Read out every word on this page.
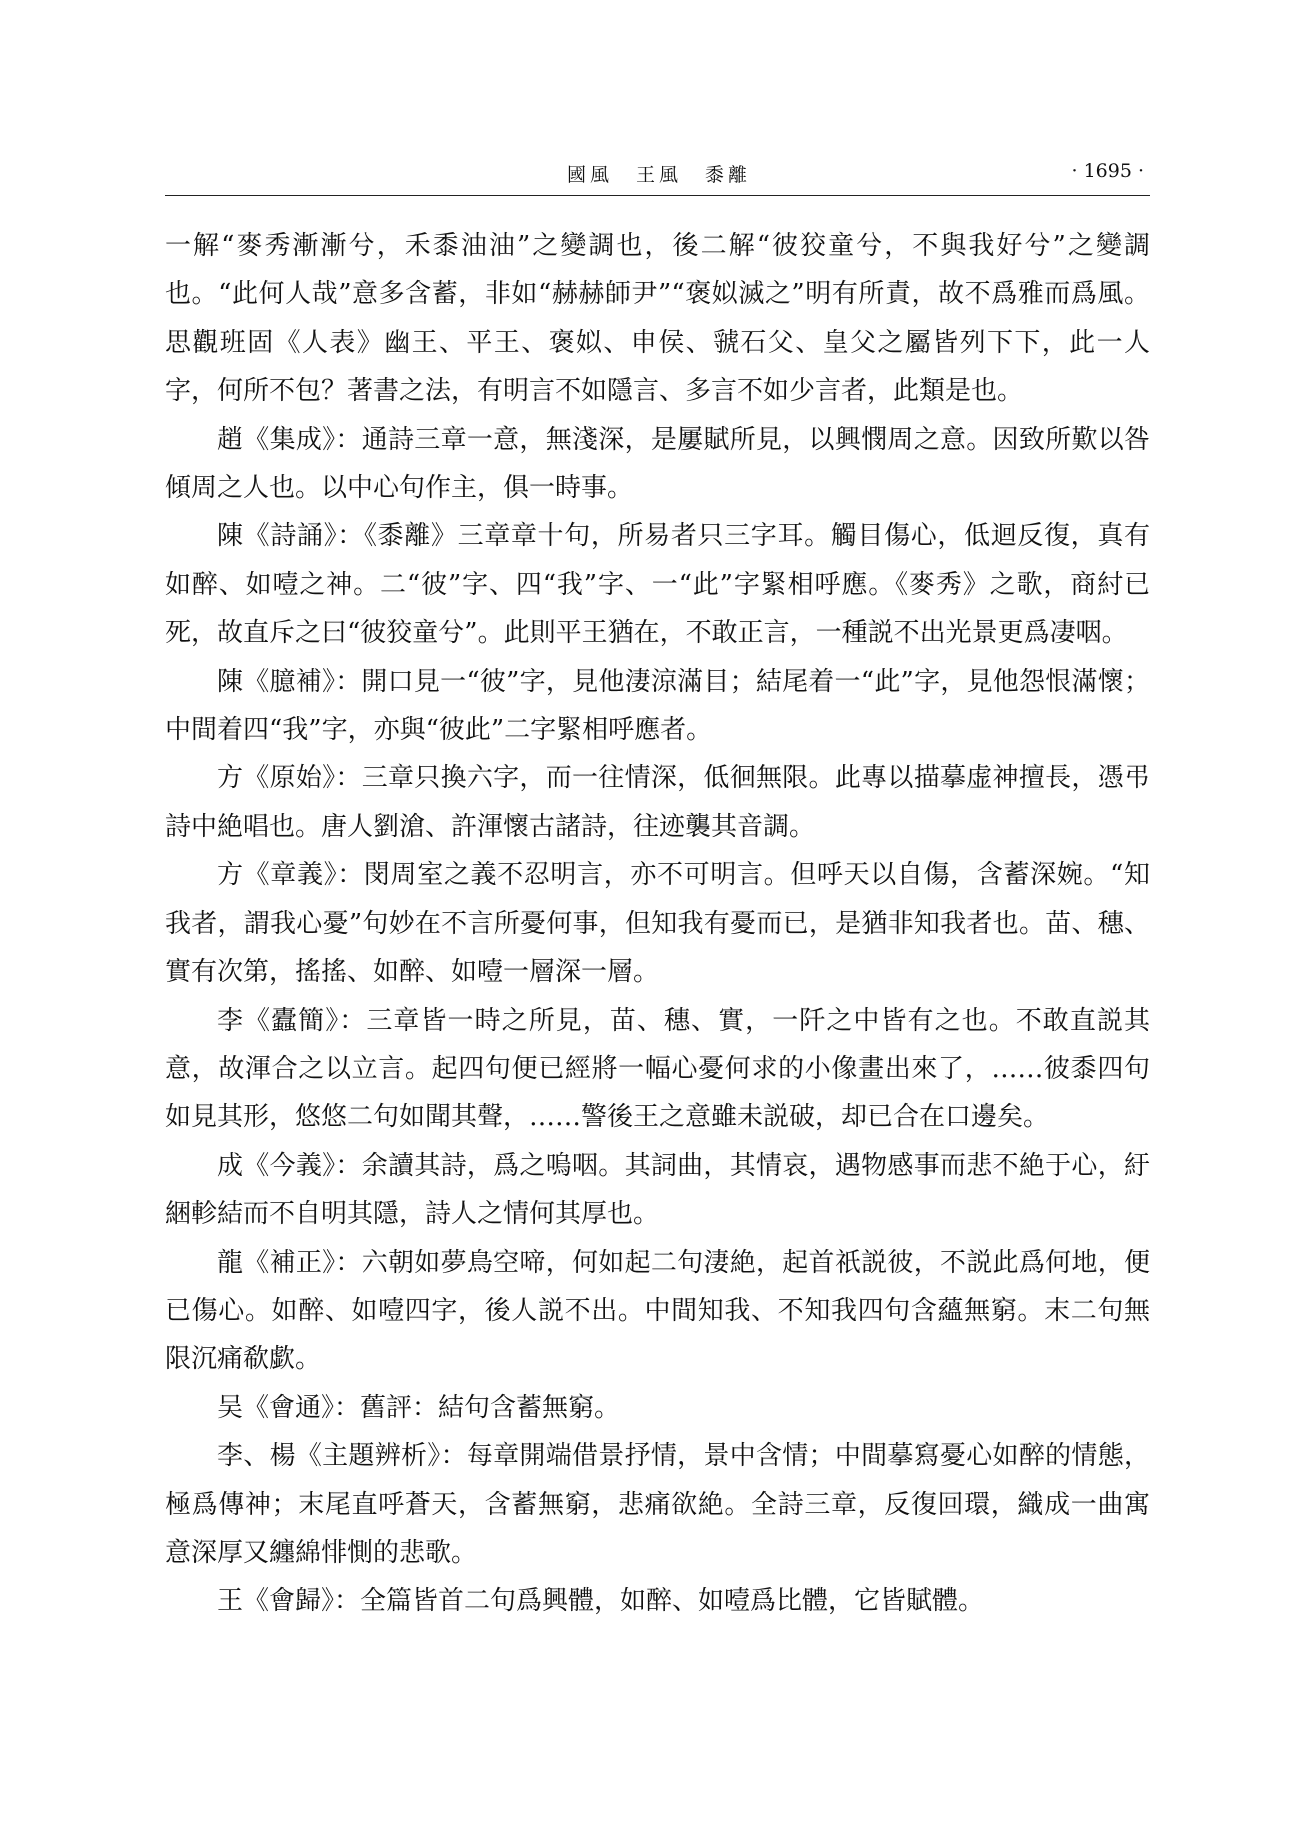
國風　王風　黍離	· 1695 ·

一解“麥秀漸漸兮，禾黍油油”之變調也，後二解“彼狡童兮，不與我好兮”之變調也。“此何人哉”意多含蓄，非如“赫赫師尹”“褒姒滅之”明有所責，故不爲雅而爲風。思觀班固《人表》幽王、平王、褒姒、申侯、虢石父、皇父之屬皆列下下，此一人字，何所不包？著書之法，有明言不如隱言、多言不如少言者，此類是也。

趙《集成》：通詩三章一意，無淺深，是屢賦所見，以興憫周之意。因致所歎以咎傾周之人也。以中心句作主，俱一時事。

陳《詩誦》：《黍離》三章章十句，所易者只三字耳。觸目傷心，低迴反復，真有如醉、如噎之神。二“彼”字、四“我”字、一“此”字緊相呼應。《麥秀》之歌，商紂已死，故直斥之曰“彼狡童兮”。此則平王猶在，不敢正言，一種説不出光景更爲凄咽。

陳《臆補》：開口見一“彼”字，見他淒涼滿目；結尾着一“此”字，見他怨恨滿懷；中間着四“我”字，亦與“彼此”二字緊相呼應者。

方《原始》：三章只換六字，而一往情深，低徊無限。此專以描摹虚神擅長，憑弔詩中絶唱也。唐人劉滄、許渾懷古諸詩，往迹襲其音調。

方《章義》：閔周室之義不忍明言，亦不可明言。但呼天以自傷，含蓄深婉。“知我者，謂我心憂”句妙在不言所憂何事，但知我有憂而已，是猶非知我者也。苗、穗、實有次第，搖搖、如醉、如噎一層深一層。

李《蠹簡》：三章皆一時之所見，苗、穗、實，一阡之中皆有之也。不敢直説其意，故渾合之以立言。起四句便已經將一幅心憂何求的小像畫出來了，……彼黍四句如見其形，悠悠二句如聞其聲，……警後王之意雖未説破，却已合在口邊矣。

成《今義》：余讀其詩，爲之嗚咽。其詞曲，其情哀，遇物感事而悲不絶于心，紆綑軫結而不自明其隱，詩人之情何其厚也。

龍《補正》：六朝如夢鳥空啼，何如起二句淒絶，起首祇説彼，不説此爲何地，便已傷心。如醉、如噎四字，後人説不出。中間知我、不知我四句含蘊無窮。末二句無限沉痛欷歔。

吴《會通》：舊評：結句含蓄無窮。

李、楊《主題辨析》：每章開端借景抒情，景中含情；中間摹寫憂心如醉的情態，極爲傳神；末尾直呼蒼天，含蓄無窮，悲痛欲絶。全詩三章，反復回環，織成一曲寓意深厚又纏綿悱惻的悲歌。

王《會歸》：全篇皆首二句爲興體，如醉、如噎爲比體，它皆賦體。
